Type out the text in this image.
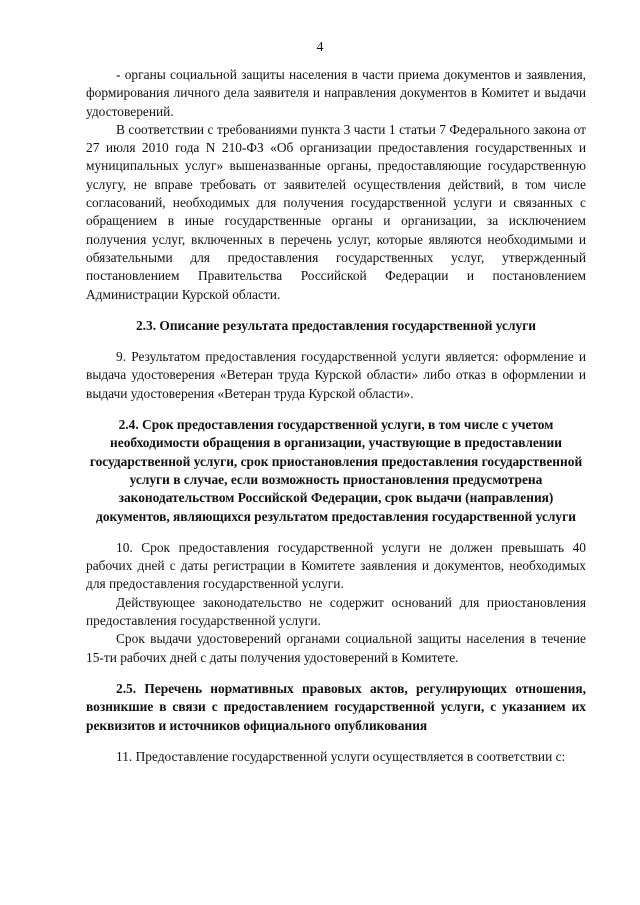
4

- органы социальной защиты населения в части приема документов и заявления, формирования личного дела заявителя и направления документов в Комитет и выдачи удостоверений.

В соответствии с требованиями пункта 3 части 1 статьи 7 Федерального закона от 27 июля 2010 года N 210-ФЗ «Об организации предоставления государственных и муниципальных услуг» вышеназванные органы, предоставляющие государственную услугу, не вправе требовать от заявителей осуществления действий, в том числе согласований, необходимых для получения государственной услуги и связанных с обращением в иные государственные органы и организации, за исключением получения услуг, включенных в перечень услуг, которые являются необходимыми и обязательными для предоставления государственных услуг, утвержденный постановлением Правительства Российской Федерации и постановлением Администрации Курской области.

2.3. Описание результата предоставления государственной услуги

9. Результатом предоставления государственной услуги является: оформление и выдача удостоверения «Ветеран труда Курской области» либо отказ в оформлении и выдачи удостоверения «Ветеран труда Курской области».

2.4. Срок предоставления государственной услуги, в том числе с учетом необходимости обращения в организации, участвующие в предоставлении государственной услуги, срок приостановления предоставления государственной услуги в случае, если возможность приостановления предусмотрена законодательством Российской Федерации, срок выдачи (направления) документов, являющихся результатом предоставления государственной услуги

10. Срок предоставления государственной услуги не должен превышать 40 рабочих дней с даты регистрации в Комитете заявления и документов, необходимых для предоставления государственной услуги.

Действующее законодательство не содержит оснований для приостановления предоставления государственной услуги.

Срок выдачи удостоверений органами социальной защиты населения в течение 15-ти рабочих дней с даты получения удостоверений в Комитете.

2.5. Перечень нормативных правовых актов, регулирующих отношения, возникшие в связи с предоставлением государственной услуги, с указанием их реквизитов и источников официального опубликования

11. Предоставление государственной услуги осуществляется в соответствии с:
